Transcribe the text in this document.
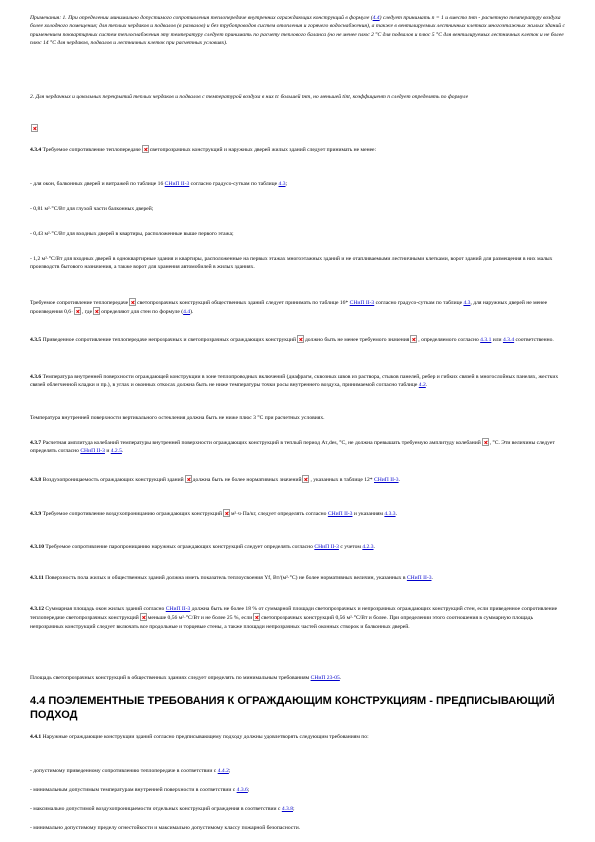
Примечания: 1. При определении минимально допустимого сопротивления теплопередаче внутренних ограждающих конструкций в формуле (4.4) следует принимать n = 1 и вместо tнт - расчетную температуру воздуха более холодного помещения; для теплых чердаков и подвалов (в развалов) и без трубопроводов систем отопления и горячего водоснабжения), а также в вентилируемых лестничных клетках многоэтажных жилых зданий с применением поквартирных систем теплоснабжения эту температуру следует принимать по расчету теплового баланса (но не менее плюс 2 °С для подвалов и плюс 5 °С для вентилируемых лестничных клеток и не более плюс 14 °С для чердаков, подвалов и лестничных клеток при расчетных условиях).

2. Для чердачных и цокольных перекрытий теплых чердаков и подвалов с температурой воздуха в них tc большей tнт, но меньшей tint, коэффициент n следует определять по формуле

4.3.4 Требуемое сопротивление теплопередаче светопрозрачных конструкций и наружных дверей жилых зданий следует принимать не менее:

- для окон, балконных дверей и витражей по таблице 16 СНиП II-3 согласно градусо-суткам по таблице 4.3;

- 0,81 м²·°С/Вт для глухой части балконных дверей;

- 0,43 м²·°С/Вт для входных дверей в квартиры, расположенные выше первого этажа;

- 1,2 м²·°С/Вт для входных дверей в одноквартирные здания и квартиры, расположенные на первых этажах многоэтажных зданий и не отапливаемыми лестничными клетками, ворот зданий для размещения в них малых производств бытового назначения, а также ворот для хранения автомобилей в жилых зданиях.

Требуемое сопротивление теплопередаче светопрозрачных конструкций общественных зданий следует принимать по таблице 16* СНиП II-3 согласно градусо-суткам по таблице 4.3, для наружных дверей не менее произведения 0,6· , где определяют для стен по формуле (4.4).

4.3.5 Приведенное сопротивление теплопередаче непрозрачных и светопрозрачных ограждающих конструкций должно быть не менее требуемого значения , определяемого согласно 4.3.1 или 4.3.4 соответственно.

4.3.6 Температура внутренней поверхности ограждающей конструкции в зоне теплопроводных включений (диафрагм, сквозных швов из раствора, стыков панелей, ребер и гибких связей в многослойных панелях, жестких связей облегченной кладки и пр.), в углах и оконных откосах должна быть не ниже температуры точки росы внутреннего воздуха, принимаемой согласно таблице 4.2.

Температура внутренней поверхности вертикального остекления должна быть не ниже плюс 3 °С при расчетных условиях.

4.3.7 Расчетная амплитуда колебаний температуры внутренней поверхности ограждающих конструкций в теплый период Aτ,des, °С, не должна превышать требуемую амплитуду колебаний , °С. Эти величины следует определять согласно СНиП II-3 и 4.2.5.

4.3.8 Воздухопроницаемость ограждающих конструкций зданий должна быть не более нормативных значений , указанных в таблице 12* СНиП II-3.

4.3.9 Требуемое сопротивление воздухопроницанию ограждающих конструкций м²·ч·Па/кг, следует определять согласно СНиП II-3 и указаниям 4.3.3.

4.3.10 Требуемое сопротивление паропроницанию наружных ограждающих конструкций следует определять согласно СНиП II-3 с учетом 4.2.3.

4.3.11 Поверхность пола жилых и общественных зданий должна иметь показатель теплоусвоения Yf, Вт/(м²·°С) не более нормативных величин, указанных в СНиП II-3.

4.3.12 Суммарная площадь окон жилых зданий согласно СНиП II-3 должна быть не более 18 % от суммарной площади светопрозрачных и непрозрачных ограждающих конструкций стен, если приведенное сопротивление теплопередаче светопрозрачных конструкций меньше 0,56 м²·°С/Вт и не более 25 %, если светопрозрачных конструкций 0,56 м²·°С/Вт и более. При определении этого соотношения в суммарную площадь непрозрачных конструкций следует включать все продольные и торцевые стены, а также площади непрозрачных частей оконных створок и балконных дверей.

Площадь светопрозрачных конструкций в общественных зданиях следует определять по минимальным требованиям СНиП 23-05.

4.4 ПОЭЛЕМЕНТНЫЕ ТРЕБОВАНИЯ К ОГРАЖДАЮЩИМ КОНСТРУКЦИЯМ - ПРЕДПИСЫВАЮЩИЙ ПОДХОД

4.4.1 Наружные ограждающие конструкции зданий согласно предписывающему подходу должны удовлетворять следующим требованиям по:

- допустимому приведенному сопротивлению теплопередаче в соответствии с 4.4.2;

- минимальным допустимым температурам внутренней поверхности в соответствии с 4.3.6;

- максимально допустимой воздухопроницаемости отдельных конструкций ограждения в соответствии с 4.3.8;

- минимально допустимому пределу огнестойкости и максимально допустимому классу пожарной безопасности.
